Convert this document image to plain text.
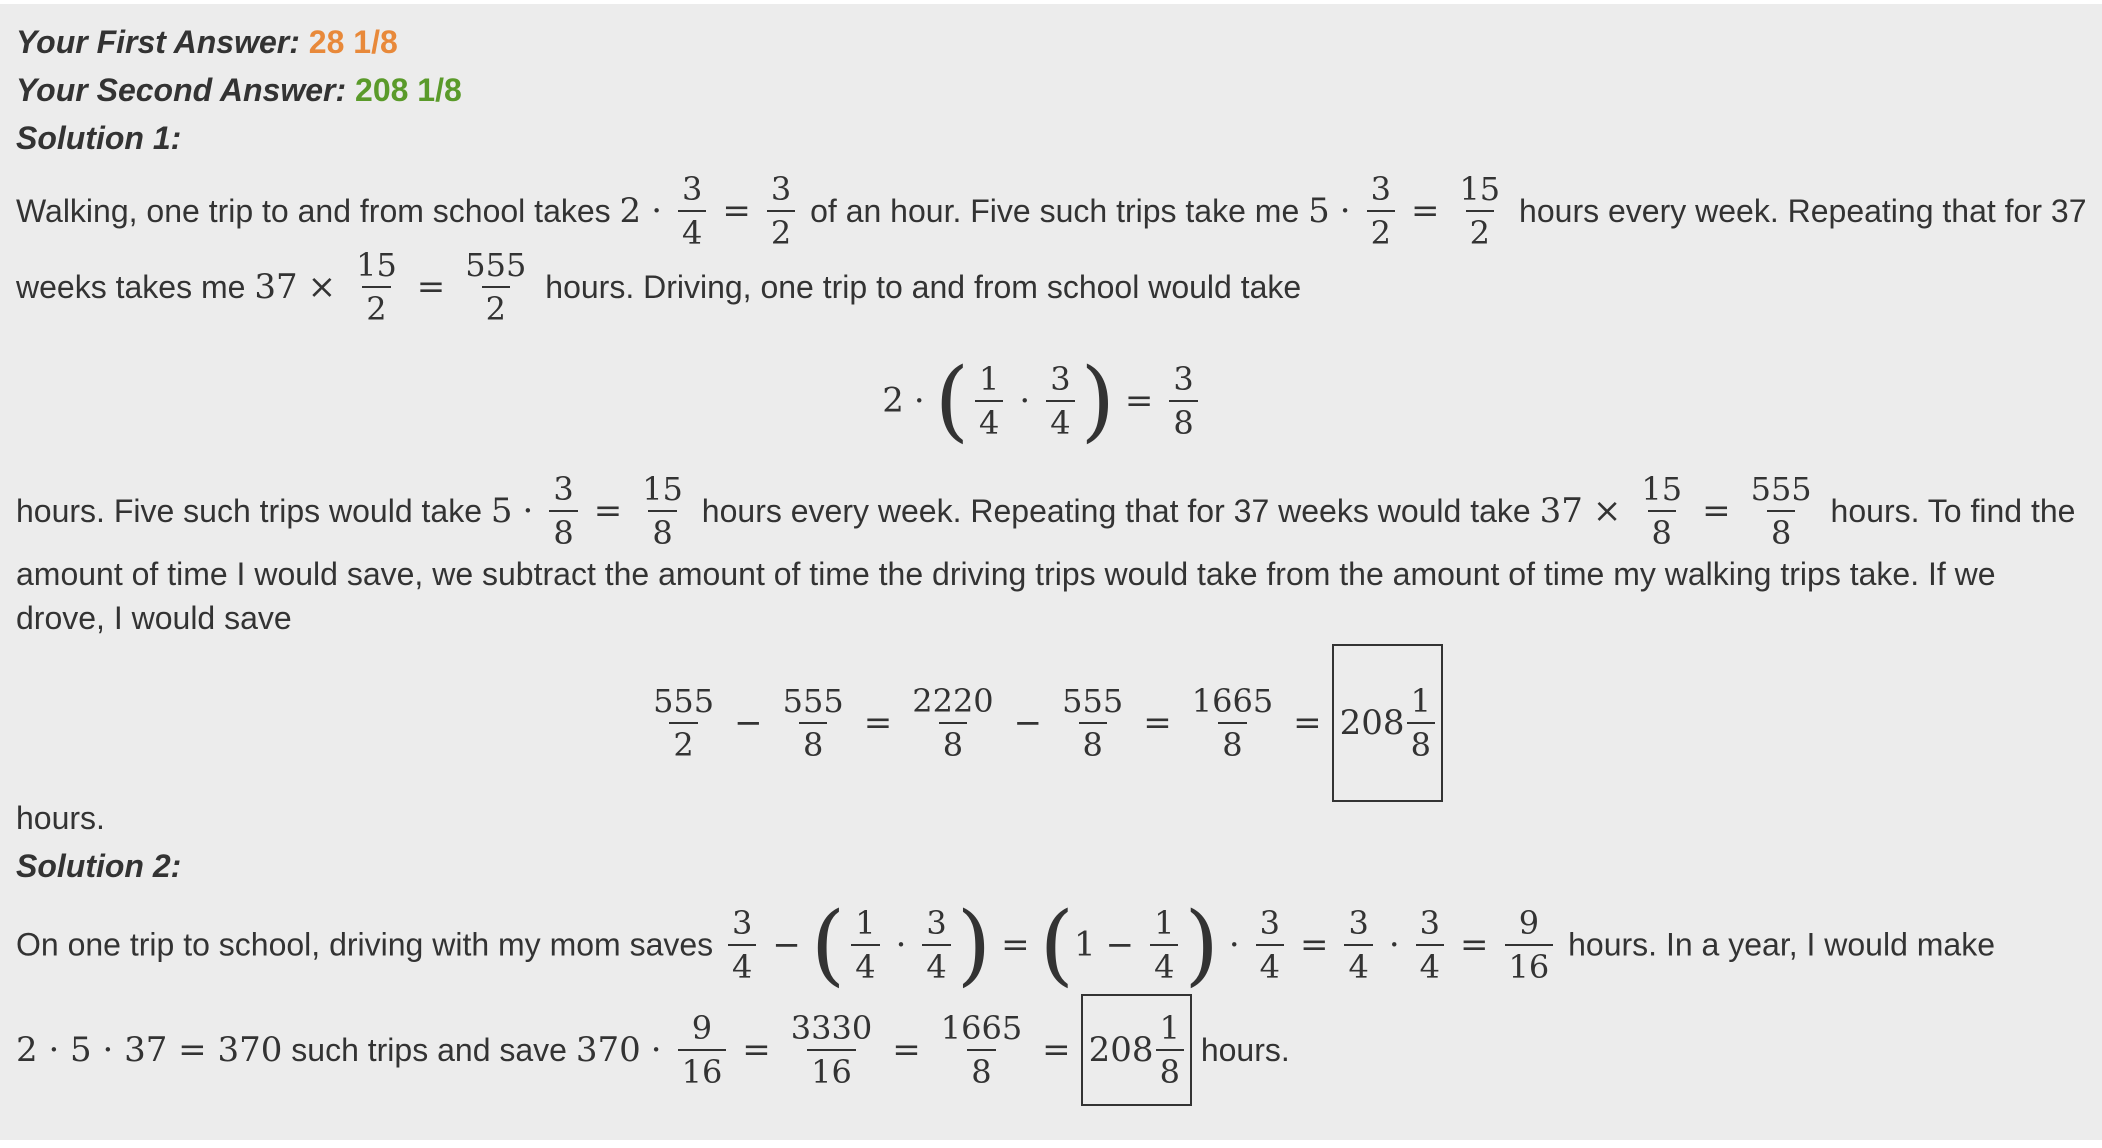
Your First Answer: 28 1/8
Your Second Answer: 208 1/8
Solution 1:
Walking, one trip to and from school takes $2 \cdot \frac{3}{4} = \frac{3}{2}$ of an hour. Five such trips take me $5 \cdot \frac{3}{2} = \frac{15}{2}$ hours every week. Repeating that for 37
weeks takes me $37 \times \frac{15}{2} = \frac{555}{2}$ hours. Driving, one trip to and from school would take
2 · ( $\frac{1}{4} \cdot \frac{3}{4}$ ) = $\frac{3}{8}$
hours. Five such trips would take $5 \cdot \frac{3}{8} = \frac{15}{8}$ hours every week. Repeating that for 37 weeks would take $37 \times \frac{15}{8} = \frac{555}{8}$ hours. To find the
amount of time I would save, we subtract the amount of time the driving trips would take from the amount of time my walking trips take. If we drove, I would save
$\frac{555}{2} - \frac{555}{8} = \frac{2220}{8} - \frac{555}{8} = \frac{1665}{8} = 208 \frac{1}{8}$
hours.
Solution 2:
On one trip to school, driving with my mom saves $\frac{3}{4}$ − ( $\frac{1}{4} \cdot \frac{3}{4}$ ) = ($1 - \frac{1}{4}$ ) · $\frac{3}{4} = \frac{3}{4} \cdot \frac{3}{4} = \frac{9}{16}$ hours. In a year, I would make
2 · 5 · 37 = 370 such trips and save $370 \cdot \frac{9}{16} = \frac{3330}{16} = \frac{1665}{8} = 208 \frac{1}{8}$ hours.
